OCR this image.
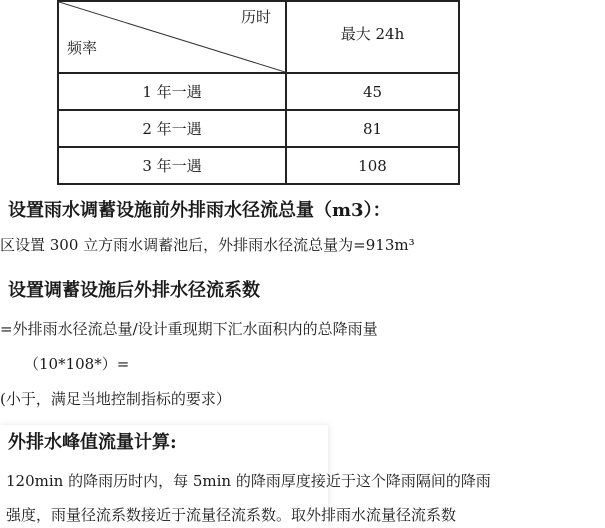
历时
频率	最大 24h
1 年一遇	45
2 年一遇	81
3 年一遇	108
设置雨水调蓄设施前外排雨水径流总量（m3）：
区设置 300 立方雨水调蓄池后，外排雨水径流总量为=913m³
设置调蓄设施后外排水径流系数
=外排雨水径流总量/设计重现期下汇水面积内的总降雨量
（10*108*）=
(小于，满足当地控制指标的要求）
外排水峰值流量计算:
120min 的降雨历时内，每 5min 的降雨厚度接近于这个降雨隔间的降雨
强度，雨量径流系数接近于流量径流系数。取外排雨水流量径流系数
